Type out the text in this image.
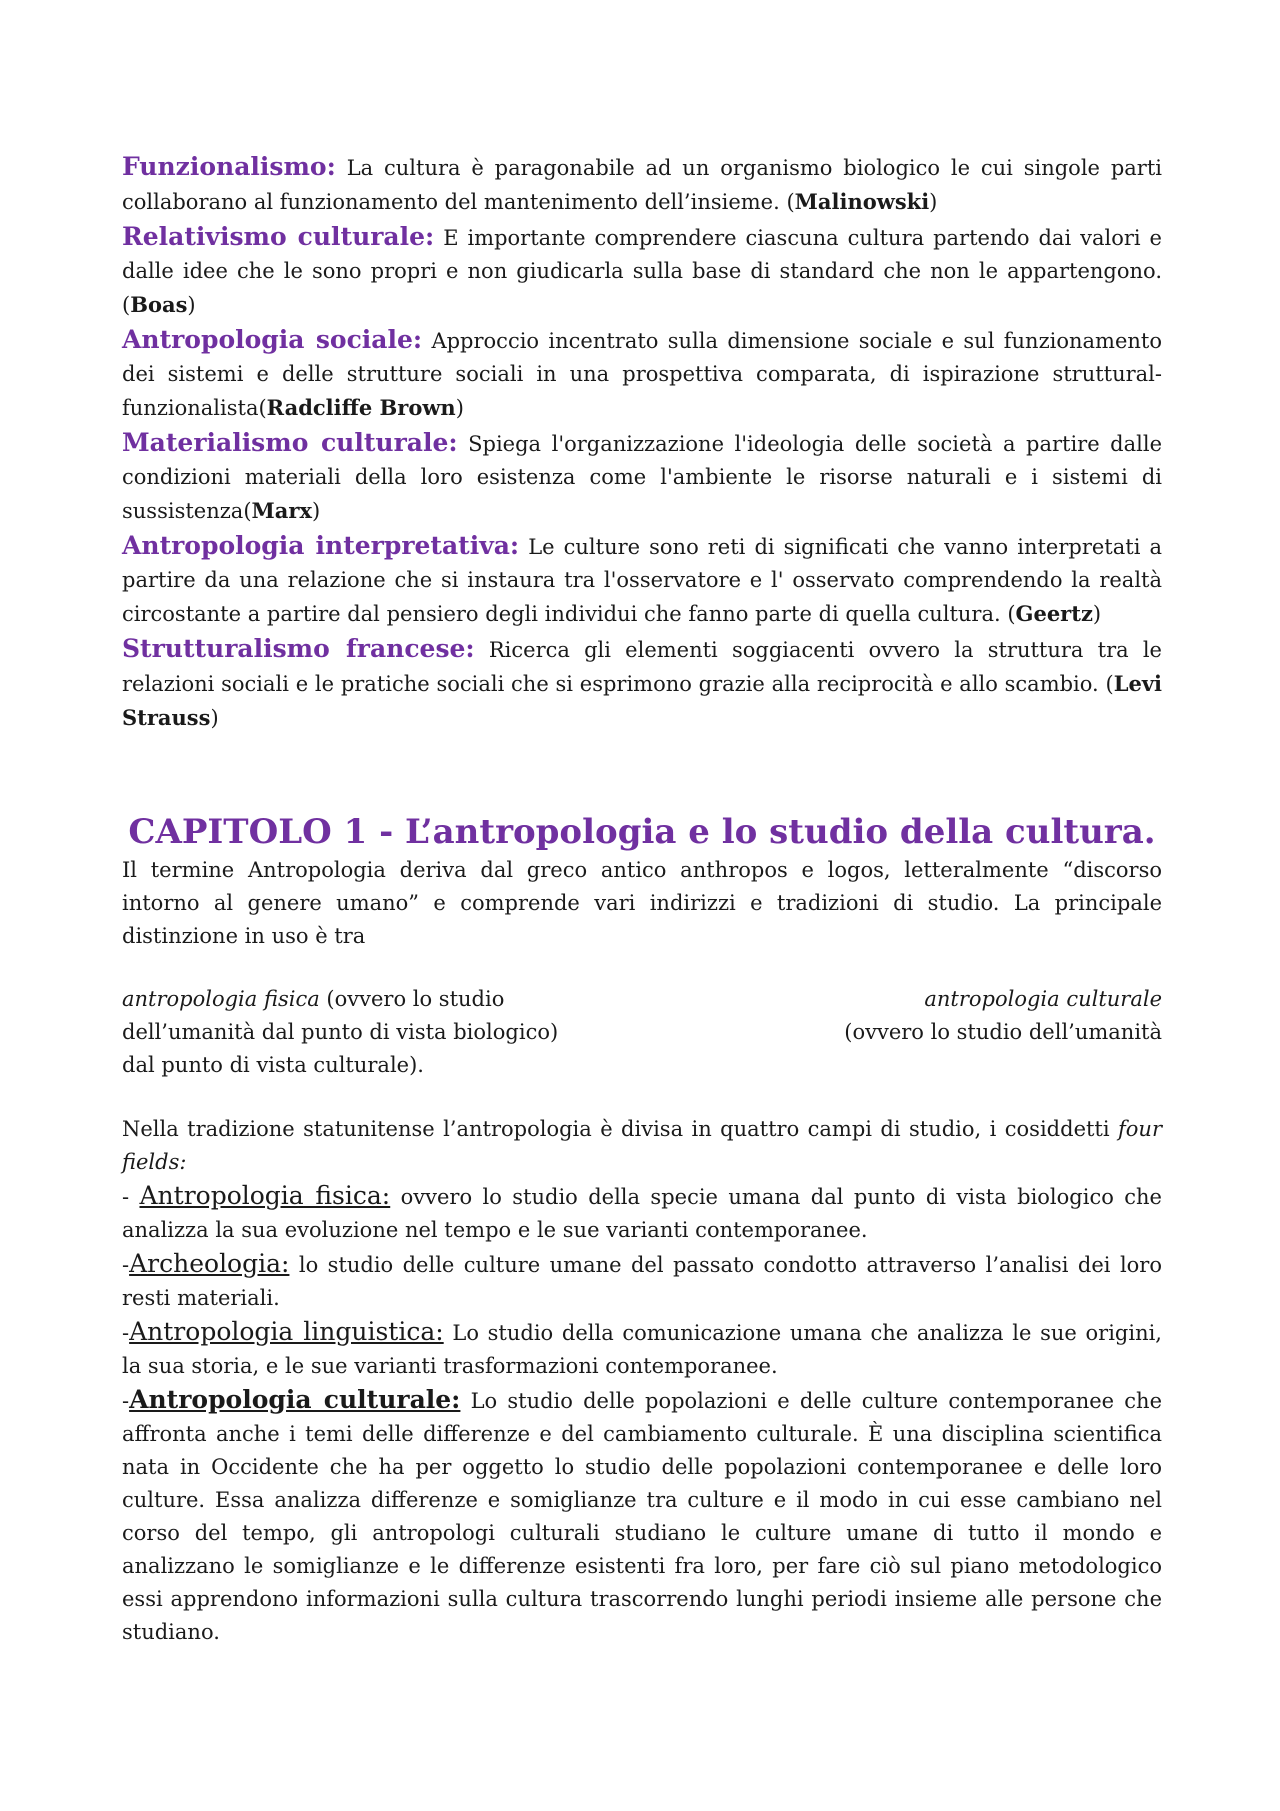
Funzionalismo: La cultura è paragonabile ad un organismo biologico le cui singole parti collaborano al funzionamento del mantenimento dell’insieme. (Malinowski)

Relativismo culturale: E importante comprendere ciascuna cultura partendo dai valori e dalle idee che le sono propri e non giudicarla sulla base di standard che non le appartengono. (Boas)

Antropologia sociale: Approccio incentrato sulla dimensione sociale e sul funzionamento dei sistemi e delle strutture sociali in una prospettiva comparata, di ispirazione struttural-funzionalista(Radcliffe Brown)

Materialismo culturale: Spiega l'organizzazione l'ideologia delle società a partire dalle condizioni materiali della loro esistenza come l'ambiente le risorse naturali e i sistemi di sussistenza(Marx)

Antropologia interpretativa: Le culture sono reti di significati che vanno interpretati a partire da una relazione che si instaura tra l'osservatore e l' osservato comprendendo la realtà circostante a partire dal pensiero degli individui che fanno parte di quella cultura. (Geertz)

Strutturalismo francese: Ricerca gli elementi soggiacenti ovvero la struttura tra le relazioni sociali e le pratiche sociali che si esprimono grazie alla reciprocità e allo scambio. (Levi Strauss)

CAPITOLO 1 - L’antropologia e lo studio della cultura.

Il termine Antropologia deriva dal greco antico anthropos e logos, letteralmente “discorso intorno al genere umano” e comprende vari indirizzi e tradizioni di studio. La principale distinzione in uso è tra

antropologia fisica (ovvero lo studio
dell’umanità dal punto di vista biologico)
dal punto di vista culturale).
antropologia culturale
(ovvero lo studio dell’umanità

Nella tradizione statunitense l’antropologia è divisa in quattro campi di studio, i cosiddetti four fields:

- Antropologia fisica: ovvero lo studio della specie umana dal punto di vista biologico che analizza la sua evoluzione nel tempo e le sue varianti contemporanee.

-Archeologia: lo studio delle culture umane del passato condotto attraverso l’analisi dei loro resti materiali.

-Antropologia linguistica: Lo studio della comunicazione umana che analizza le sue origini, la sua storia, e le sue varianti trasformazioni contemporanee.

-Antropologia culturale: Lo studio delle popolazioni e delle culture contemporanee che affronta anche i temi delle differenze e del cambiamento culturale. È una disciplina scientifica nata in Occidente che ha per oggetto lo studio delle popolazioni contemporanee e delle loro culture. Essa analizza differenze e somiglianze tra culture e il modo in cui esse cambiano nel corso del tempo, gli antropologi culturali studiano le culture umane di tutto il mondo e analizzano le somiglianze e le differenze esistenti fra loro, per fare ciò sul piano metodologico essi apprendono informazioni sulla cultura trascorrendo lunghi periodi insieme alle persone che studiano.
